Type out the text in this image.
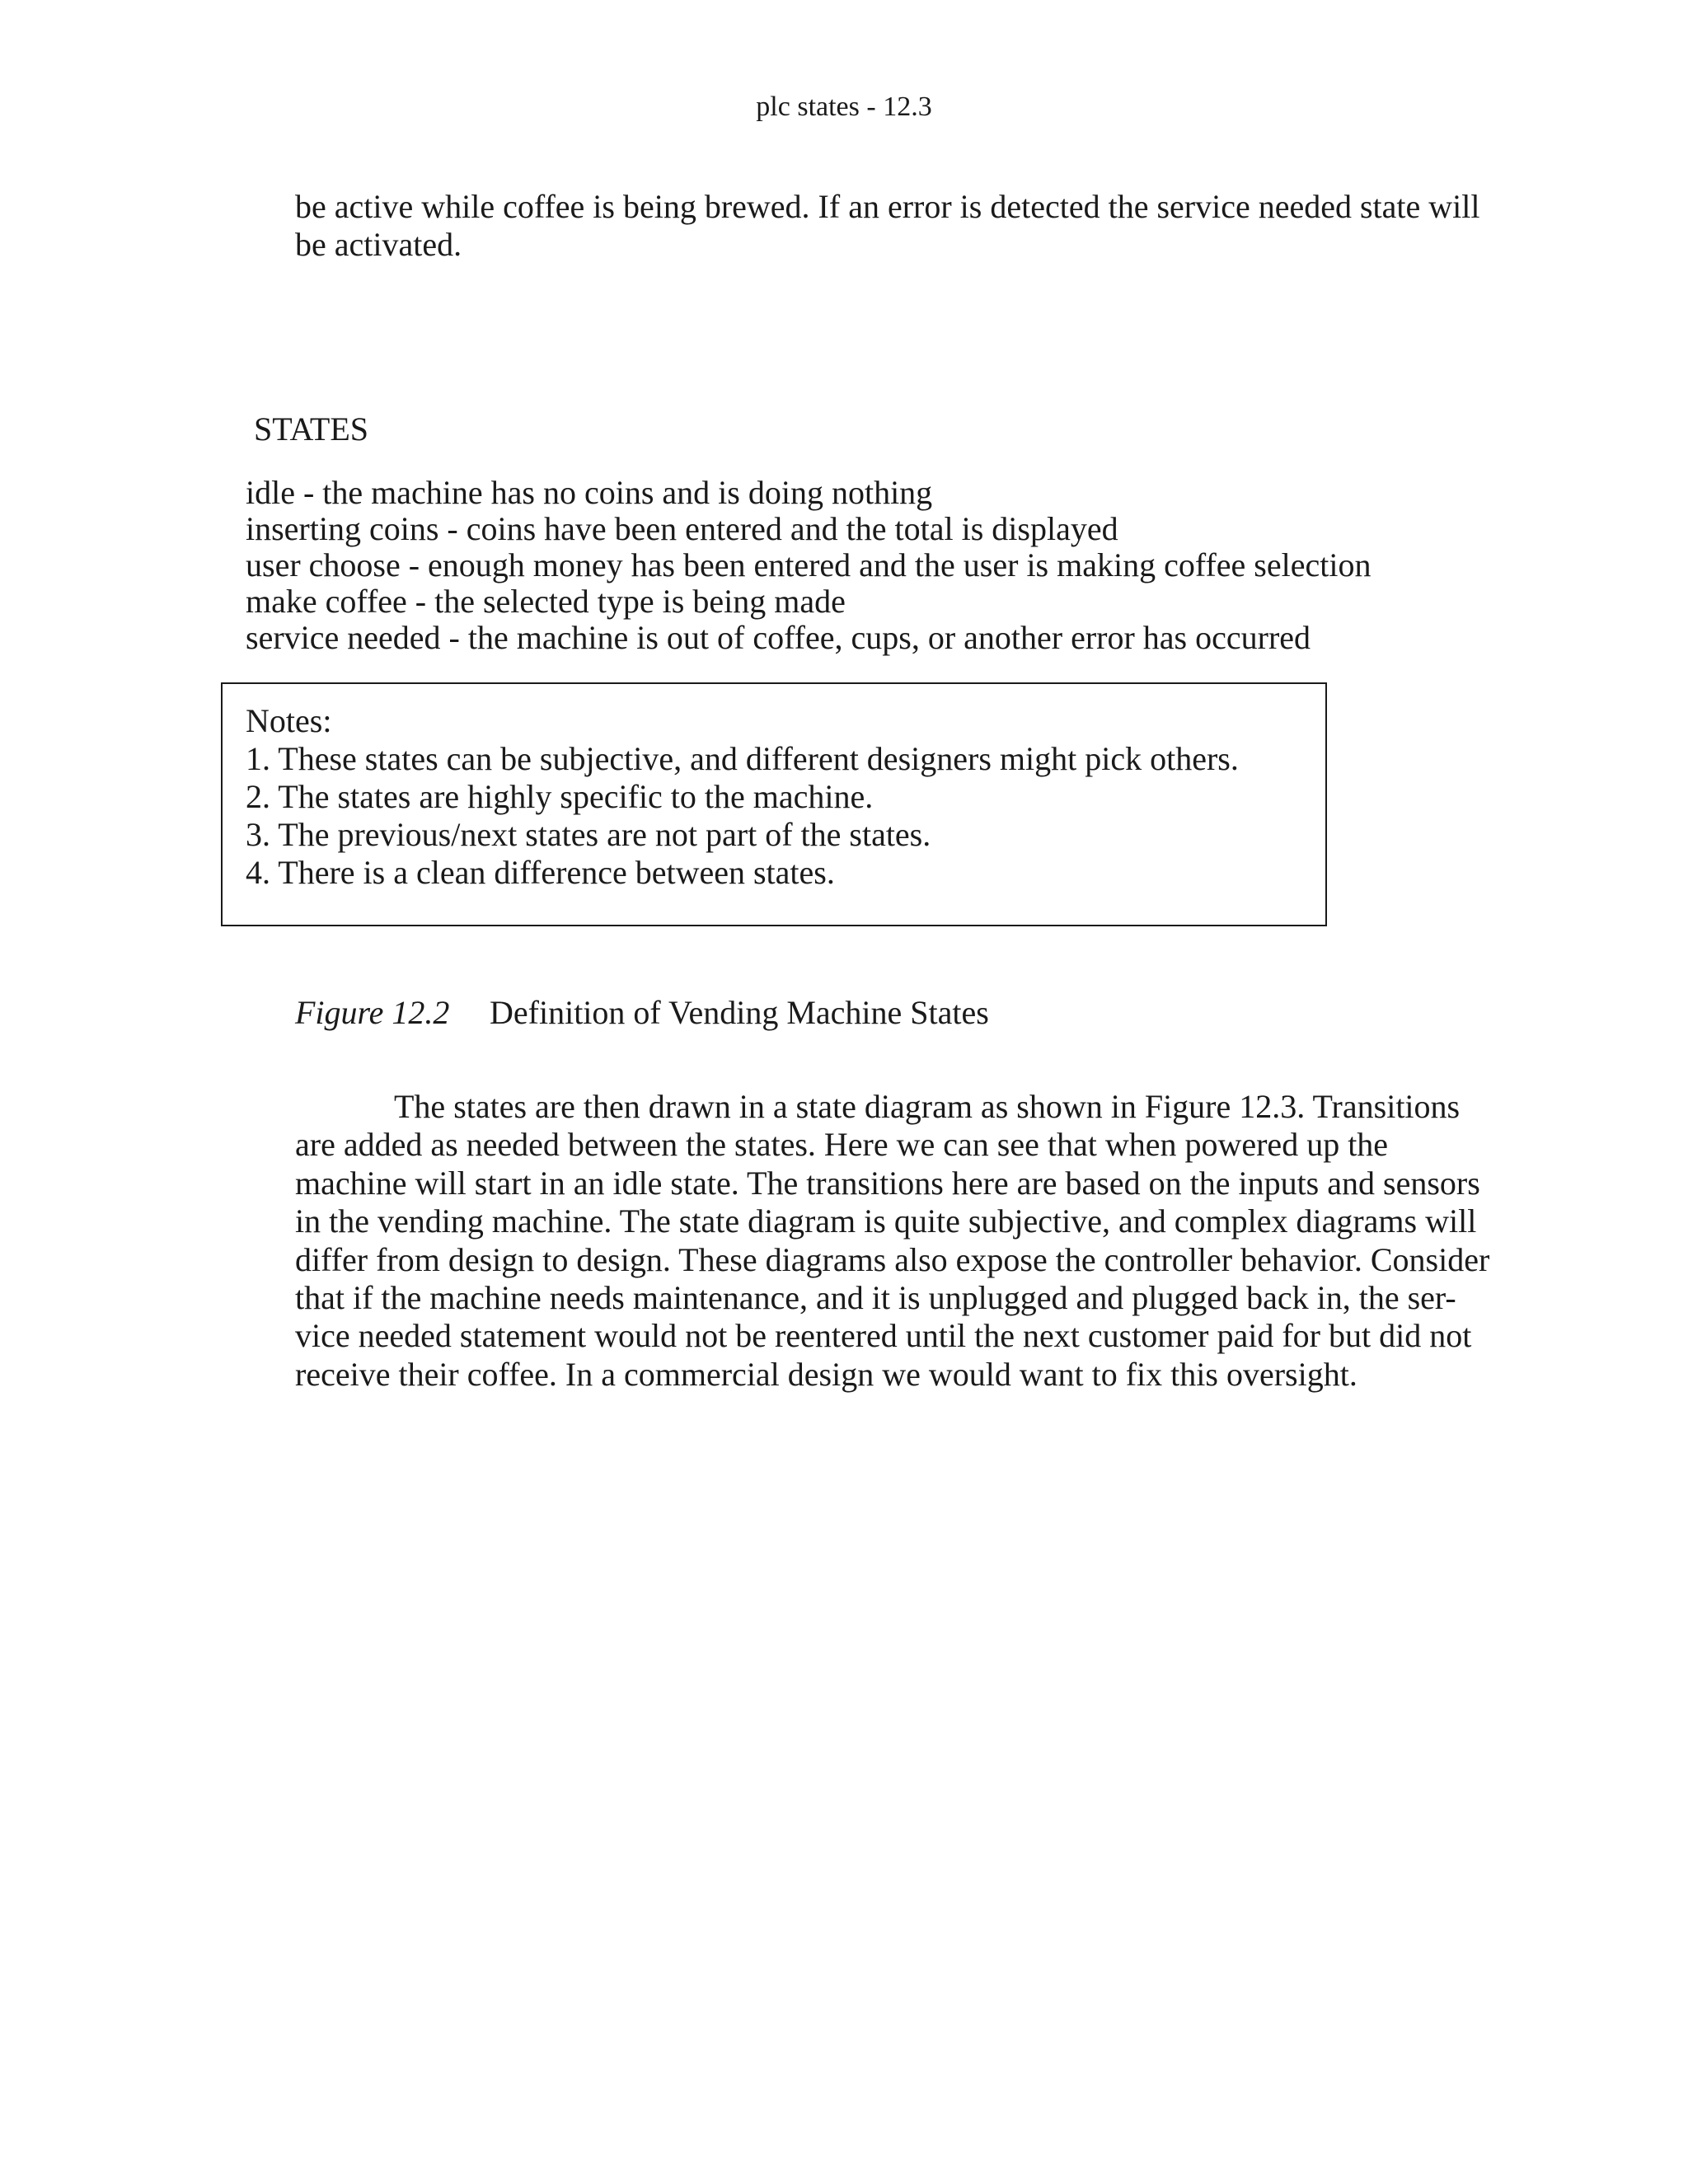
plc states - 12.3

be active while coffee is being brewed. If an error is detected the service needed state will
be activated.

STATES
idle - the machine has no coins and is doing nothing
inserting coins - coins have been entered and the total is displayed
user choose - enough money has been entered and the user is making coffee selection
make coffee - the selected type is being made
service needed - the machine is out of coffee, cups, or another error has occurred
Notes:
1. These states can be subjective, and different designers might pick others.
2. The states are highly specific to the machine.
3. The previous/next states are not part of the states.
4. There is a clean difference between states.
Figure 12.2 Definition of Vending Machine States

The states are then drawn in a state diagram as shown in Figure 12.3. Transitions
are added as needed between the states. Here we can see that when powered up the
machine will start in an idle state. The transitions here are based on the inputs and sensors
in the vending machine. The state diagram is quite subjective, and complex diagrams will
differ from design to design. These diagrams also expose the controller behavior. Consider
that if the machine needs maintenance, and it is unplugged and plugged back in, the ser-
vice needed statement would not be reentered until the next customer paid for but did not
receive their coffee. In a commercial design we would want to fix this oversight.
